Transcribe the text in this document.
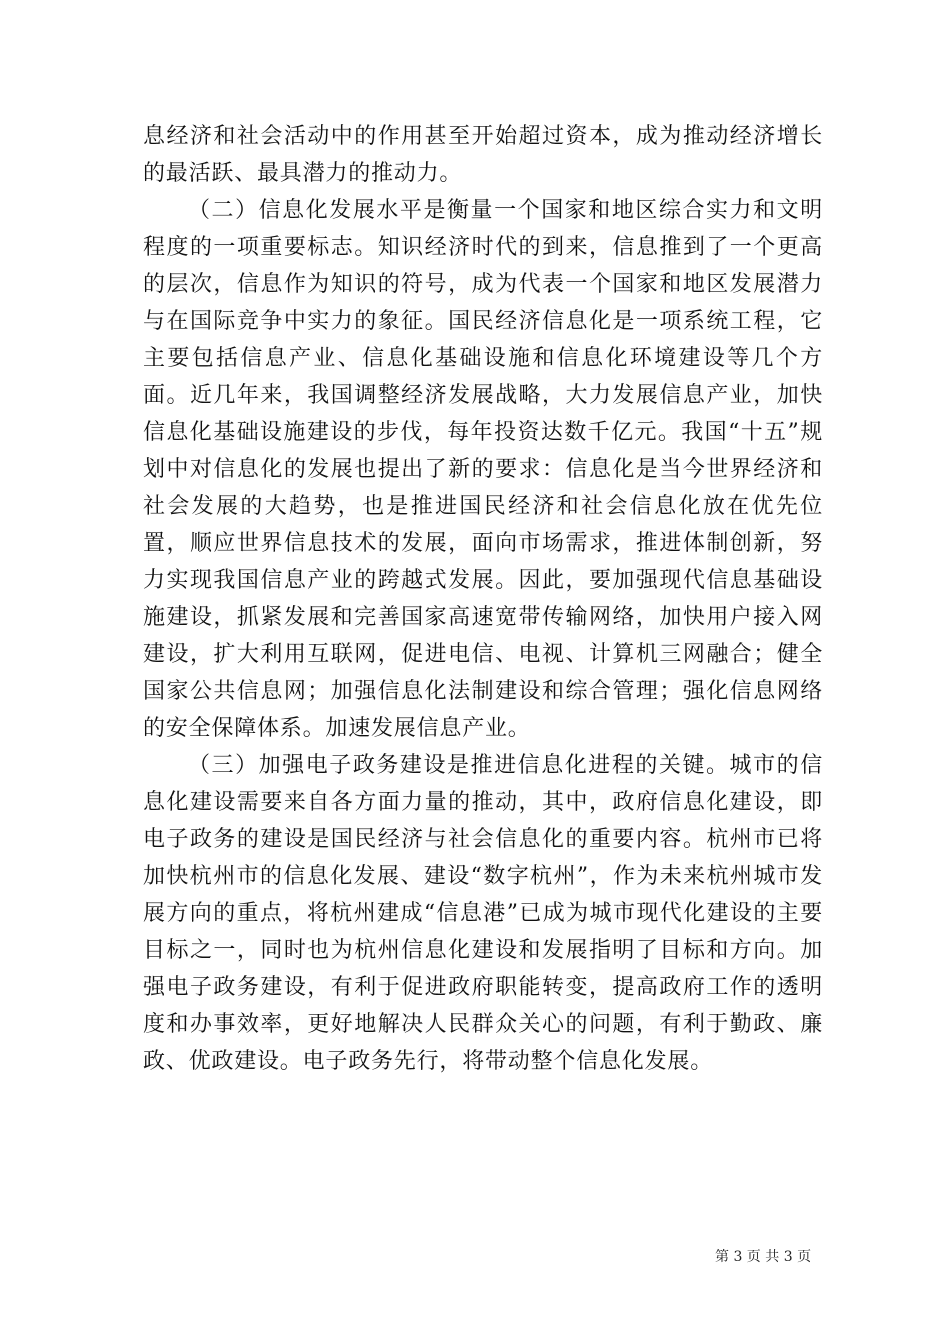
息经济和社会活动中的作用甚至开始超过资本，成为推动经济增长的最活跃、最具潜力的推动力。

（二）信息化发展水平是衡量一个国家和地区综合实力和文明程度的一项重要标志。知识经济时代的到来，信息推到了一个更高的层次，信息作为知识的符号，成为代表一个国家和地区发展潜力与在国际竞争中实力的象征。国民经济信息化是一项系统工程，它主要包括信息产业、信息化基础设施和信息化环境建设等几个方面。近几年来，我国调整经济发展战略，大力发展信息产业，加快信息化基础设施建设的步伐，每年投资达数千亿元。我国“十五”规划中对信息化的发展也提出了新的要求：信息化是当今世界经济和社会发展的大趋势，也是推进国民经济和社会信息化放在优先位置，顺应世界信息技术的发展，面向市场需求，推进体制创新，努力实现我国信息产业的跨越式发展。因此，要加强现代信息基础设施建设，抓紧发展和完善国家高速宽带传输网络，加快用户接入网建设，扩大利用互联网，促进电信、电视、计算机三网融合；健全国家公共信息网；加强信息化法制建设和综合管理；强化信息网络的安全保障体系。加速发展信息产业。

（三）加强电子政务建设是推进信息化进程的关键。城市的信息化建设需要来自各方面力量的推动，其中，政府信息化建设，即电子政务的建设是国民经济与社会信息化的重要内容。杭州市已将加快杭州市的信息化发展、建设“数字杭州”，作为未来杭州城市发展方向的重点，将杭州建成“信息港”已成为城市现代化建设的主要目标之一，同时也为杭州信息化建设和发展指明了目标和方向。加强电子政务建设，有利于促进政府职能转变，提高政府工作的透明度和办事效率，更好地解决人民群众关心的问题，有利于勤政、廉政、优政建设。电子政务先行，将带动整个信息化发展。

第 3 页 共 3 页
